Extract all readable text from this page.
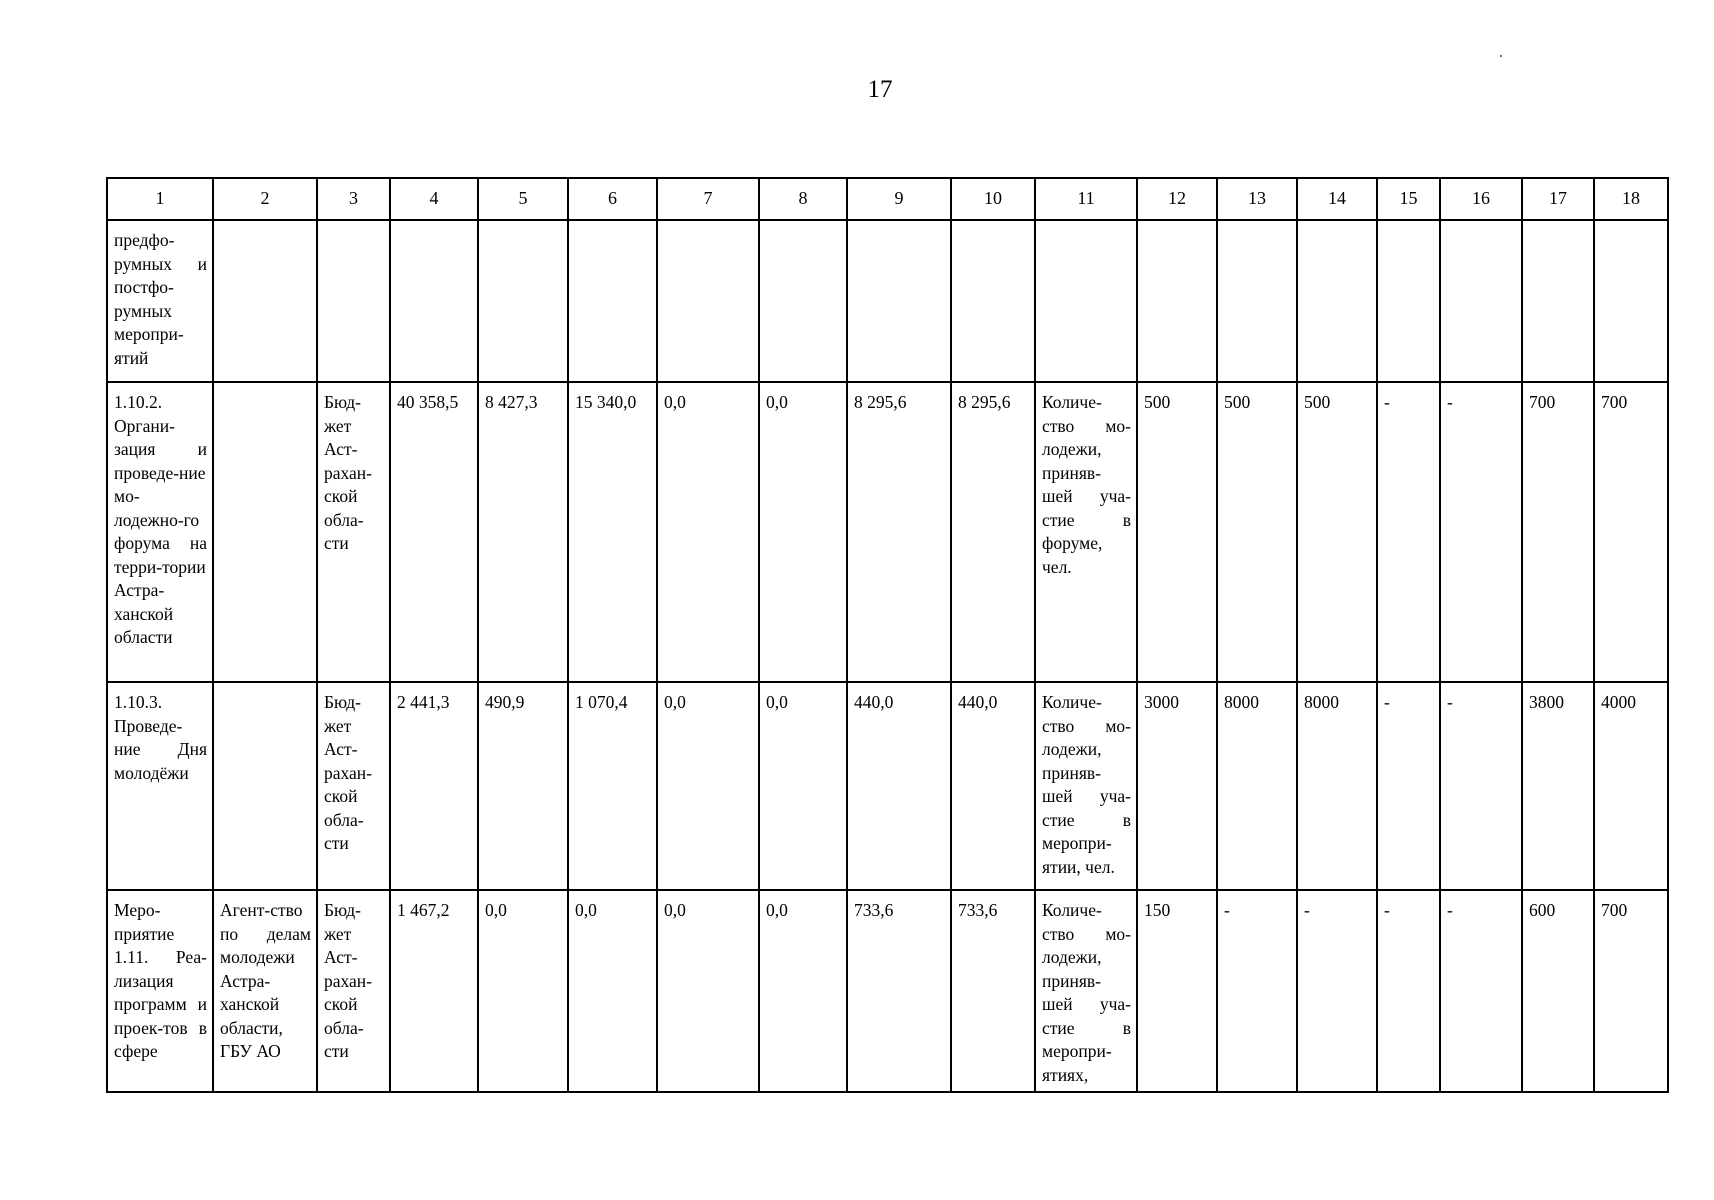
17
1	2	3	4	5	6	7	8	9	10	11	12	13	14	15	16	17	18
предфо-румных и постфо-румных меропри-ятий																	
1.10.2. Органи-зация и проведе-ние мо-лодежно-го форума на терри-тории Астра-ханской области		Бюд-жет Аст-рахан-ской обла-сти	40 358,5	8 427,3	15 340,0	0,0	0,0	8 295,6	8 295,6	Количе-ство мо-лодежи, приняв-шей уча-стие в форуме, чел.	500	500	500	-	-	700	700
1.10.3. Проведе-ние Дня молодёжи		Бюд-жет Аст-рахан-ской обла-сти	2 441,3	490,9	1 070,4	0,0	0,0	440,0	440,0	Количе-ство мо-лодежи, приняв-шей уча-стие в меропри-ятии, чел.	3000	8000	8000	-	-	3800	4000
Меро-приятие 1.11. Реа-лизация программ и проек-тов в сфере	Агент-ство по делам молодежи Астра-ханской области, ГБУ АО	Бюд-жет Аст-рахан-ской обла-сти	1 467,2	0,0	0,0	0,0	0,0	733,6	733,6	Количе-ство мо-лодежи, приняв-шей уча-стие в меропри-ятиях,	150	-	-	-	-	600	700
